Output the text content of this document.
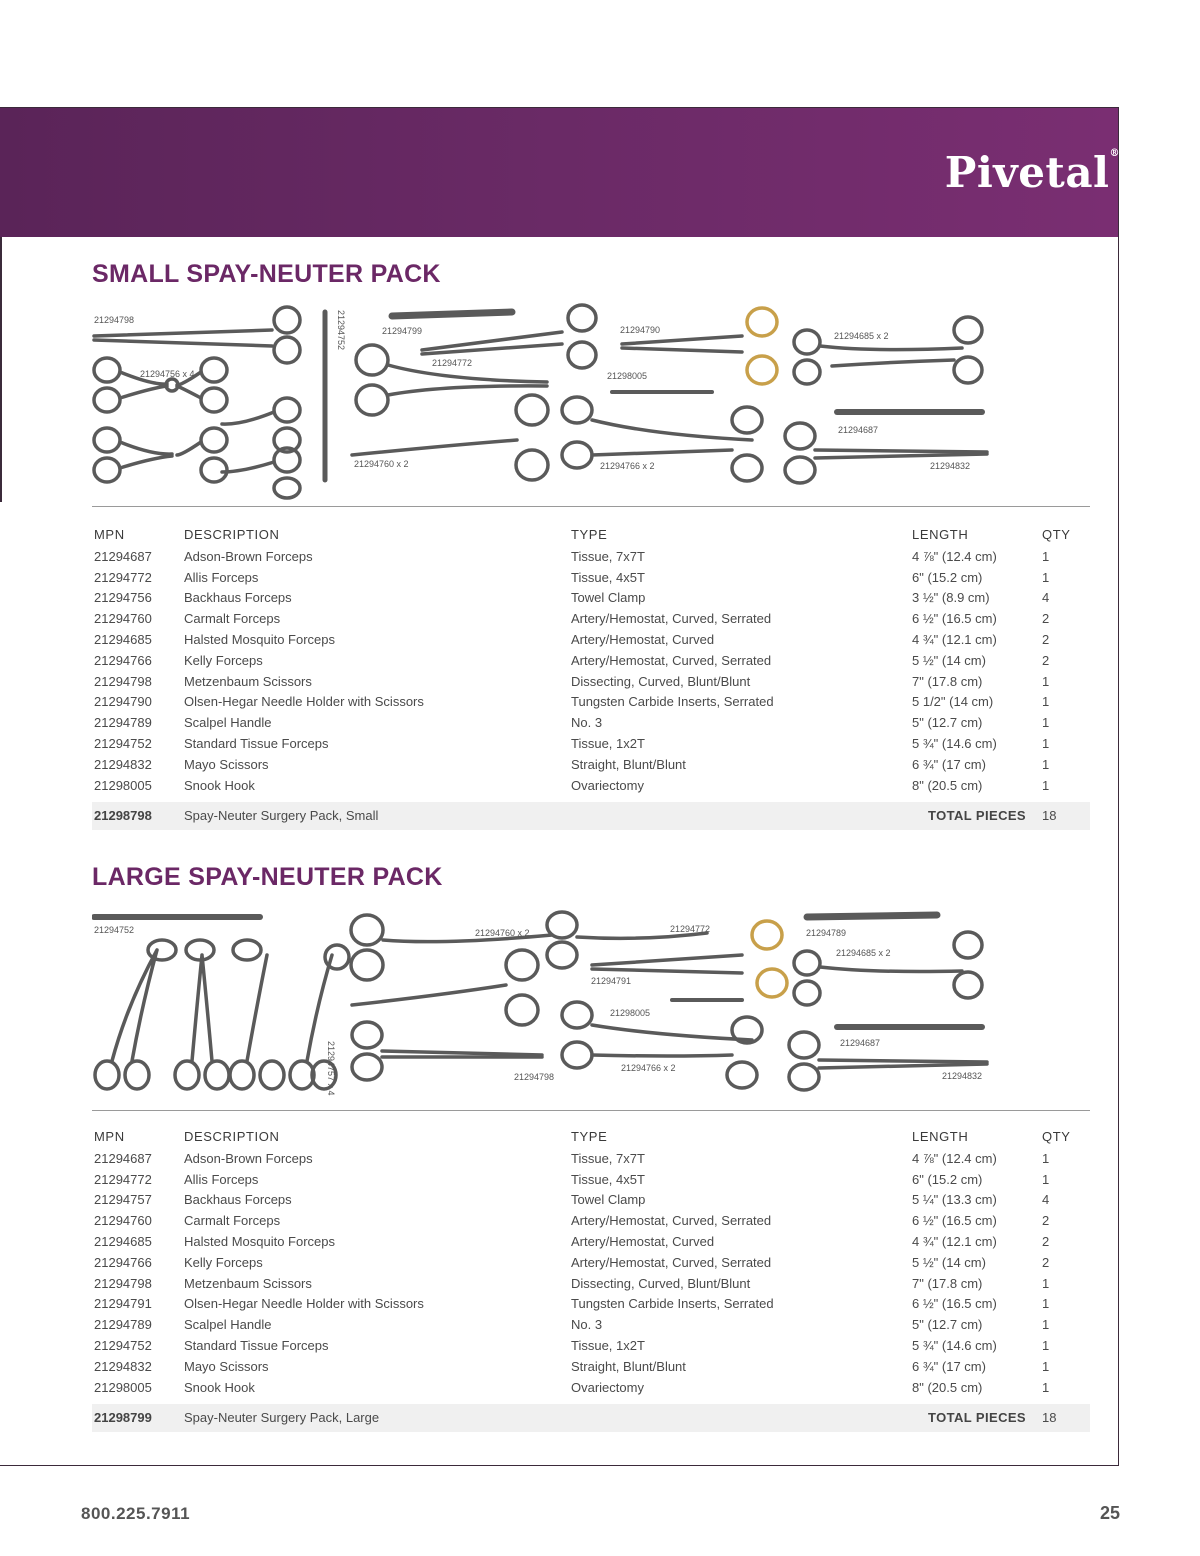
Pivetal®
SMALL SPAY-NEUTER PACK
21294798	21294752	21294799
21294772
21294790
21298005
21294685 x 2
21294756 x 4
21294760 x 2	21294766 x 2
21294687
21294832
MPN	DESCRIPTION	TYPE	LENGTH	QTY
21294687	Adson-Brown Forceps	Tissue, 7x7T	4 ⅞" (12.4 cm)	1
21294772	Allis Forceps	Tissue, 4x5T	6" (15.2 cm)	1
21294756	Backhaus Forceps	Towel Clamp	3 ½" (8.9 cm)	4
21294760	Carmalt Forceps	Artery/Hemostat, Curved, Serrated	6 ½" (16.5 cm)	2
21294685	Halsted Mosquito Forceps	Artery/Hemostat, Curved	4 ¾" (12.1 cm)	2
21294766	Kelly Forceps	Artery/Hemostat, Curved, Serrated	5 ½" (14 cm)	2
21294798	Metzenbaum Scissors	Dissecting, Curved, Blunt/Blunt	7" (17.8 cm)	1
21294790	Olsen-Hegar Needle Holder with Scissors	Tungsten Carbide Inserts, Serrated	5 1/2" (14 cm)	1
21294789	Scalpel Handle	No. 3	5" (12.7 cm)	1
21294752	Standard Tissue Forceps	Tissue, 1x2T	5 ¾" (14.6 cm)	1
21294832	Mayo Scissors	Straight, Blunt/Blunt	6 ¾" (17 cm)	1
21298005	Snook Hook	Ovariectomy	8" (20.5 cm)	1

21298798	Spay-Neuter Surgery Pack, Small		TOTAL PIECES	18
LARGE SPAY-NEUTER PACK
21294752	21294760 x 2	21294772	21294789
21294685 x 2
21294791
21298005
21294757 x 4	21294798
21294766 x 2
21294687
21294832
MPN	DESCRIPTION	TYPE	LENGTH	QTY
21294687	Adson-Brown Forceps	Tissue, 7x7T	4 ⅞" (12.4 cm)	1
21294772	Allis Forceps	Tissue, 4x5T	6" (15.2 cm)	1
21294757	Backhaus Forceps	Towel Clamp	5 ¼" (13.3 cm)	4
21294760	Carmalt Forceps	Artery/Hemostat, Curved, Serrated	6 ½" (16.5 cm)	2
21294685	Halsted Mosquito Forceps	Artery/Hemostat, Curved	4 ¾" (12.1 cm)	2
21294766	Kelly Forceps	Artery/Hemostat, Curved, Serrated	5 ½" (14 cm)	2
21294798	Metzenbaum Scissors	Dissecting, Curved, Blunt/Blunt	7" (17.8 cm)	1
21294791	Olsen-Hegar Needle Holder with Scissors	Tungsten Carbide Inserts, Serrated	6 ½" (16.5 cm)	1
21294789	Scalpel Handle	No. 3	5" (12.7 cm)	1
21294752	Standard Tissue Forceps	Tissue, 1x2T	5 ¾" (14.6 cm)	1
21294832	Mayo Scissors	Straight, Blunt/Blunt	6 ¾" (17 cm)	1
21298005	Snook Hook	Ovariectomy	8" (20.5 cm)	1

21298799	Spay-Neuter Surgery Pack, Large		TOTAL PIECES	18
800.225.7911	25
